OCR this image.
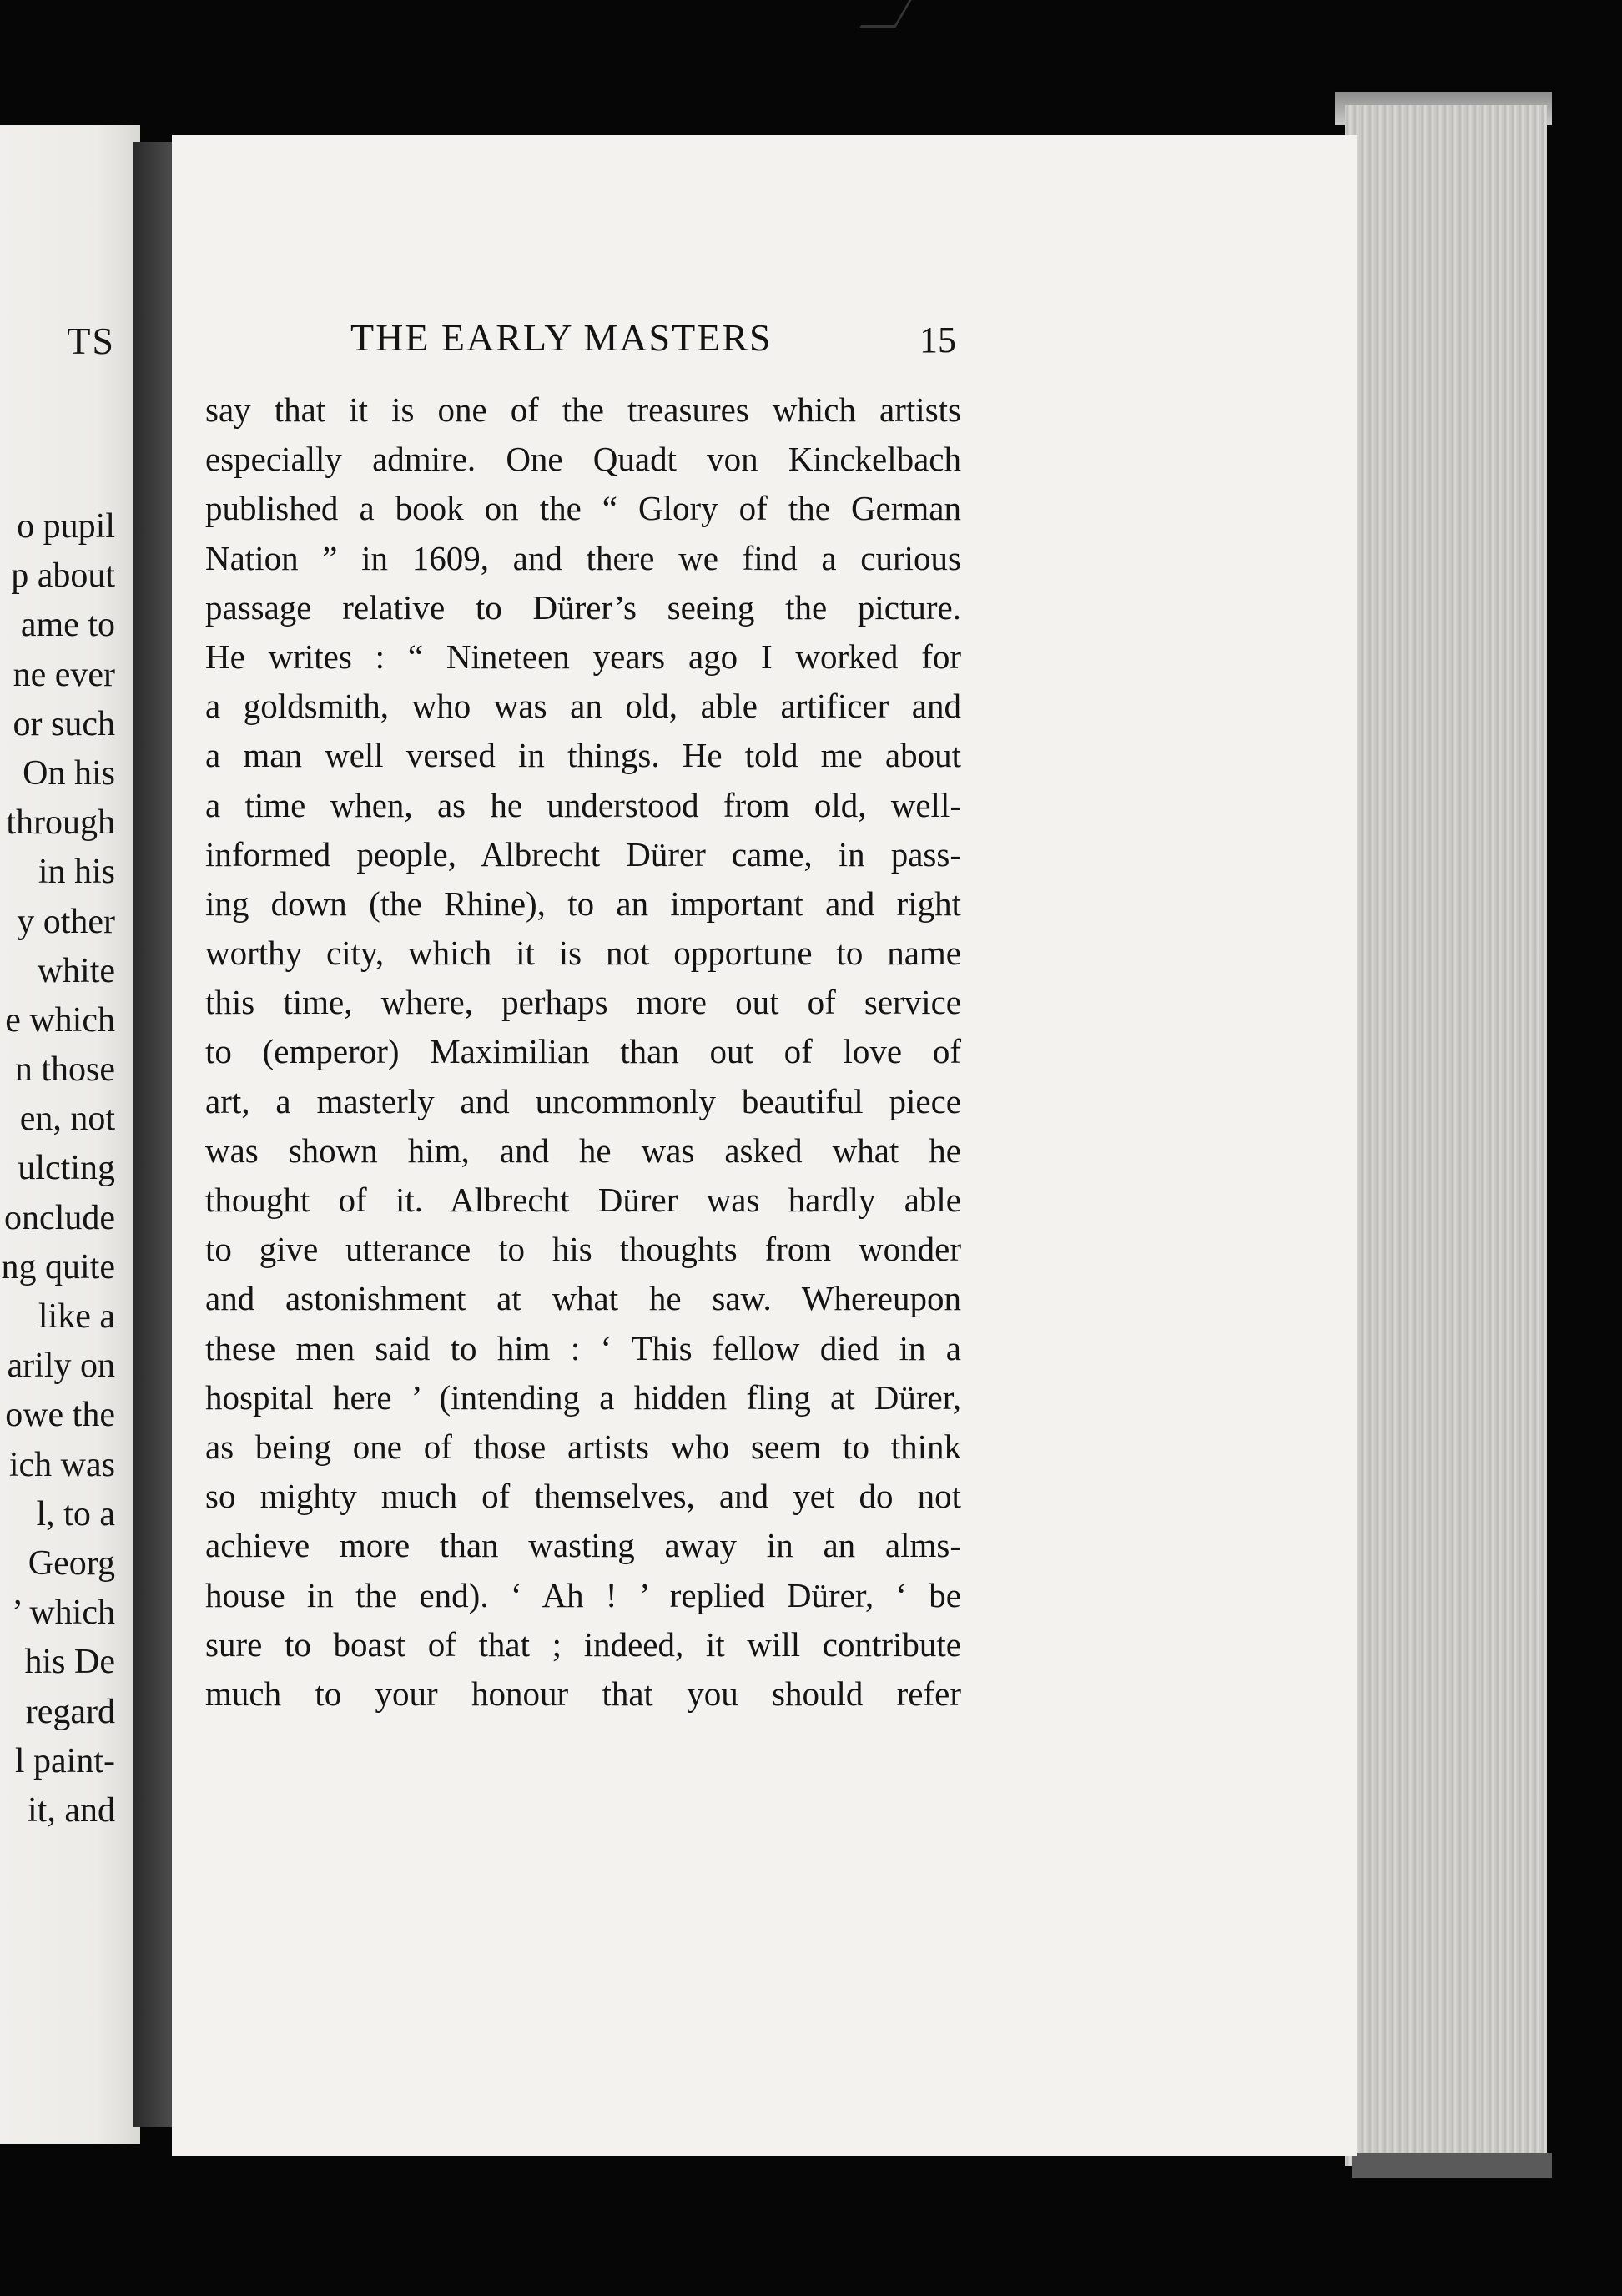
TS
o pupil
p about
ame to
ne ever
or such
On his
through
in his
y other
white
e which
n those
en, not
ulcting
onclude
ng quite
like a
arily on
owe the
ich was
l, to a
Georg
’ which
his De
regard
l paint-
it, and
THE EARLY MASTERS	15
say that it is one of the treasures which artists
especially admire. One Quadt von Kinckelbach
published a book on the “ Glory of the German
Nation ” in 1609, and there we find a curious
passage relative to Dürer’s seeing the picture.
He writes : “ Nineteen years ago I worked for
a goldsmith, who was an old, able artificer and
a man well versed in things. He told me about
a time when, as he understood from old, well-
informed people, Albrecht Dürer came, in pass-
ing down (the Rhine), to an important and right
worthy city, which it is not opportune to name
this time, where, perhaps more out of service
to (emperor) Maximilian than out of love of
art, a masterly and uncommonly beautiful piece
was shown him, and he was asked what he
thought of it. Albrecht Dürer was hardly able
to give utterance to his thoughts from wonder
and astonishment at what he saw. Whereupon
these men said to him : ‘ This fellow died in a
hospital here ’ (intending a hidden fling at Dürer,
as being one of those artists who seem to think
so mighty much of themselves, and yet do not
achieve more than wasting away in an alms-
house in the end). ‘ Ah ! ’ replied Dürer, ‘ be
sure to boast of that ; indeed, it will contribute
much to your honour that you should refer
